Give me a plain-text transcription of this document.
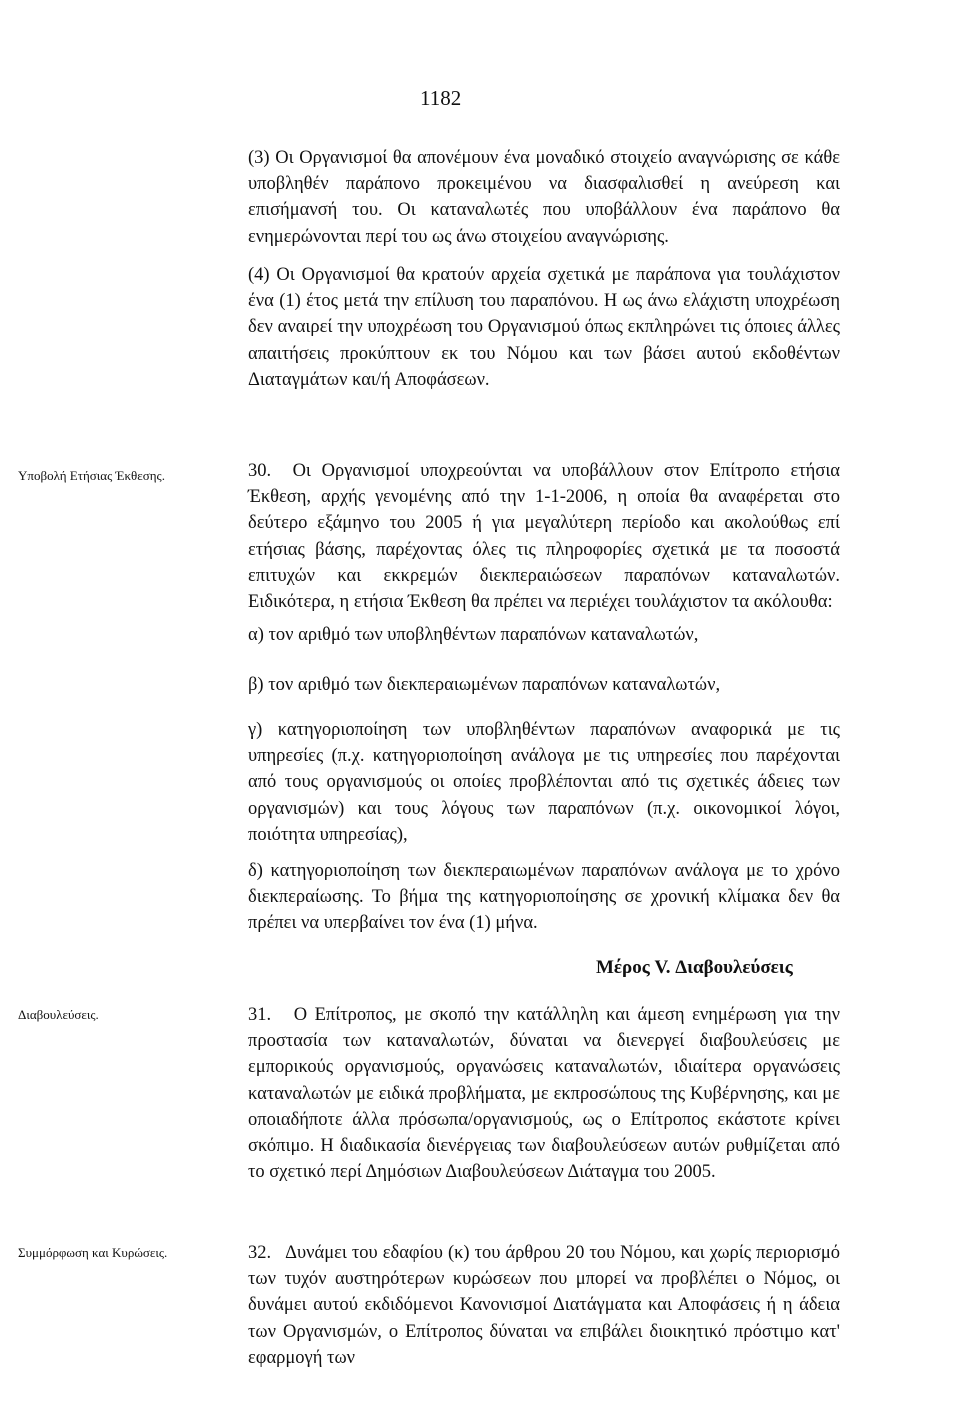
1182

(3) Οι Οργανισμοί θα απονέμουν ένα μοναδικό στοιχείο αναγνώρισης σε κάθε υποβληθέν παράπονο προκειμένου να διασφαλισθεί η ανεύρεση και επισήμανσή του. Οι καταναλωτές που υποβάλλουν ένα παράπονο θα ενημερώνονται περί του ως άνω στοιχείου αναγνώρισης.

(4) Οι Οργανισμοί θα κρατούν αρχεία σχετικά με παράπονα για τουλάχιστον ένα (1) έτος μετά την επίλυση του παραπόνου. Η ως άνω ελάχιστη υποχρέωση δεν αναιρεί την υποχρέωση του Οργανισμού όπως εκπληρώνει τις όποιες άλλες απαιτήσεις προκύπτουν εκ του Νόμου και των βάσει αυτού εκδοθέντων Διαταγμάτων και/ή Αποφάσεων.

Υποβολή Ετήσιας Έκθεσης.	30. Οι Οργανισμοί υποχρεούνται να υποβάλλουν στον Επίτροπο ετήσια Έκθεση, αρχής γενομένης από την 1-1-2006, η οποία θα αναφέρεται στο δεύτερο εξάμηνο του 2005 ή για μεγαλύτερη περίοδο και ακολούθως επί ετήσιας βάσης, παρέχοντας όλες τις πληροφορίες σχετικά με τα ποσοστά επιτυχών και εκκρεμών διεκπεραιώσεων παραπόνων καταναλωτών. Ειδικότερα, η ετήσια Έκθεση θα πρέπει να περιέχει τουλάχιστον τα ακόλουθα:

α) τον αριθμό των υποβληθέντων παραπόνων καταναλωτών,

β) τον αριθμό των διεκπεραιωμένων παραπόνων καταναλωτών,

γ) κατηγοριοποίηση των υποβληθέντων παραπόνων αναφορικά με τις υπηρεσίες (π.χ. κατηγοριοποίηση ανάλογα με τις υπηρεσίες που παρέχονται από τους οργανισμούς οι οποίες προβλέπονται από τις σχετικές άδειες των οργανισμών) και τους λόγους των παραπόνων (π.χ. οικονομικοί λόγοι, ποιότητα υπηρεσίας),

δ) κατηγοριοποίηση των διεκπεραιωμένων παραπόνων ανάλογα με το χρόνο διεκπεραίωσης. Το βήμα της κατηγοριοποίησης σε χρονική κλίμακα δεν θα πρέπει να υπερβαίνει τον ένα (1) μήνα.

Μέρος V. Διαβουλεύσεις
Διαβουλεύσεις.	31. Ο Επίτροπος, με σκοπό την κατάλληλη και άμεση ενημέρωση για την προστασία των καταναλωτών, δύναται να διενεργεί διαβουλεύσεις με εμπορικούς οργανισμούς, οργανώσεις καταναλωτών, ιδιαίτερα οργανώσεις καταναλωτών με ειδικά προβλήματα, με εκπροσώπους της Κυβέρνησης, και με οποιαδήποτε άλλα πρόσωπα/οργανισμούς, ως ο Επίτροπος εκάστοτε κρίνει σκόπιμο. Η διαδικασία διενέργειας των διαβουλεύσεων αυτών ρυθμίζεται από το σχετικό περί Δημόσιων Διαβουλεύσεων Διάταγμα του 2005.

Συμμόρφωση και Κυρώσεις.	32. Δυνάμει του εδαφίου (κ) του άρθρου 20 του Νόμου, και χωρίς περιορισμό των τυχόν αυστηρότερων κυρώσεων που μπορεί να προβλέπει ο Νόμος, οι δυνάμει αυτού εκδιδόμενοι Κανονισμοί Διατάγματα και Αποφάσεις ή η άδεια των Οργανισμών, ο Επίτροπος δύναται να επιβάλει διοικητικό πρόστιμο κατ' εφαρμογή των
